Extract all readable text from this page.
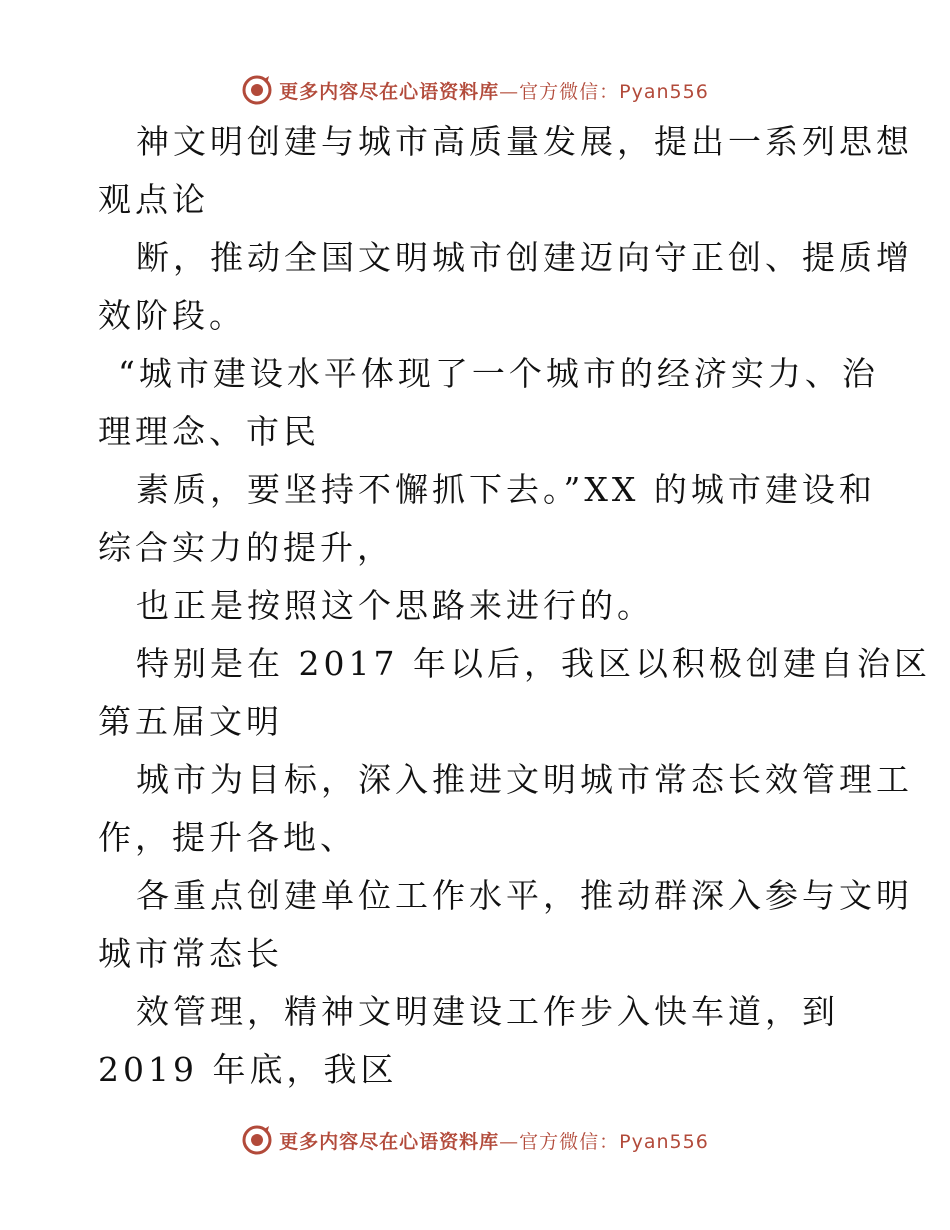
更多内容尽在心语资料库—官方微信：Pyan556
神文明创建与城市高质量发展，提出一系列思想
观点论
断，推动全国文明城市创建迈向守正创、提质增
效阶段。
“城市建设水平体现了一个城市的经济实力、治
理理念、市民
素质，要坚持不懈抓下去。”XX 的城市建设和
综合实力的提升，
也正是按照这个思路来进行的。
特别是在 2017 年以后，我区以积极创建自治区
第五届文明
城市为目标，深入推进文明城市常态长效管理工
作，提升各地、
各重点创建单位工作水平，推动群深入参与文明
城市常态长
效管理，精神文明建设工作步入快车道，到
2019 年底，我区
更多内容尽在心语资料库—官方微信：Pyan556
